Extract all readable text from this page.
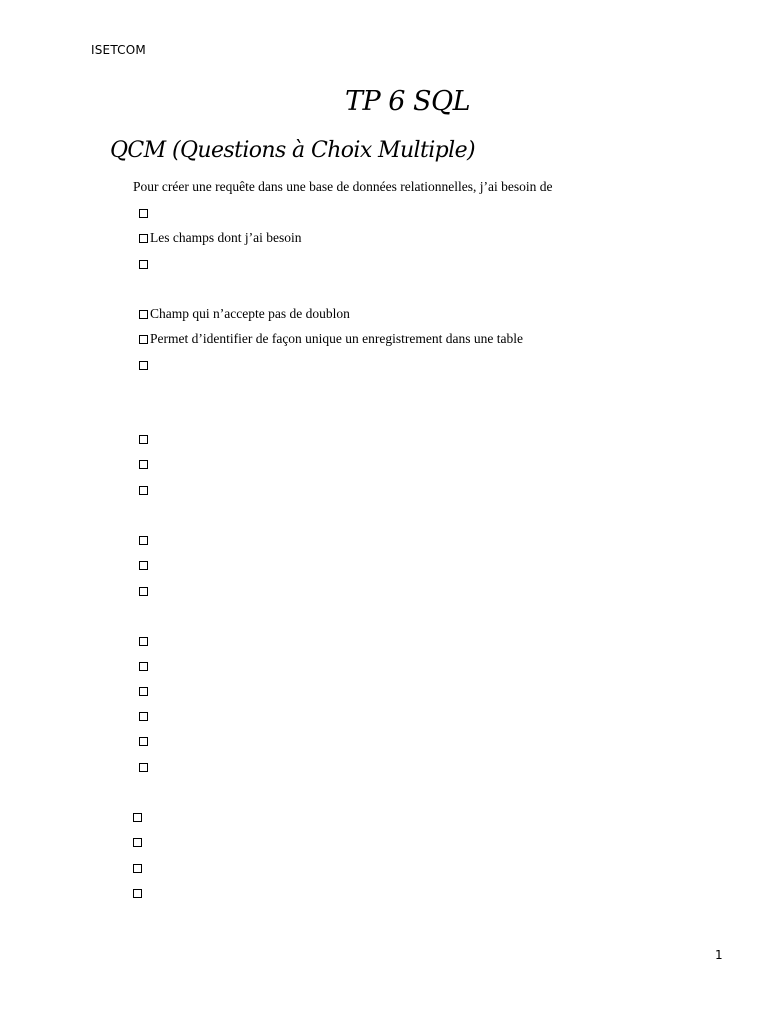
ISETCOM
TP 6 SQL
QCM (Questions à Choix Multiple)
Pour créer une requête dans une base de données relationnelles, j’ai besoin de
Les champs dont j’ai besoin
Champ qui n’accepte pas de doublon
Permet d’identifier de façon unique un enregistrement dans une table
1
